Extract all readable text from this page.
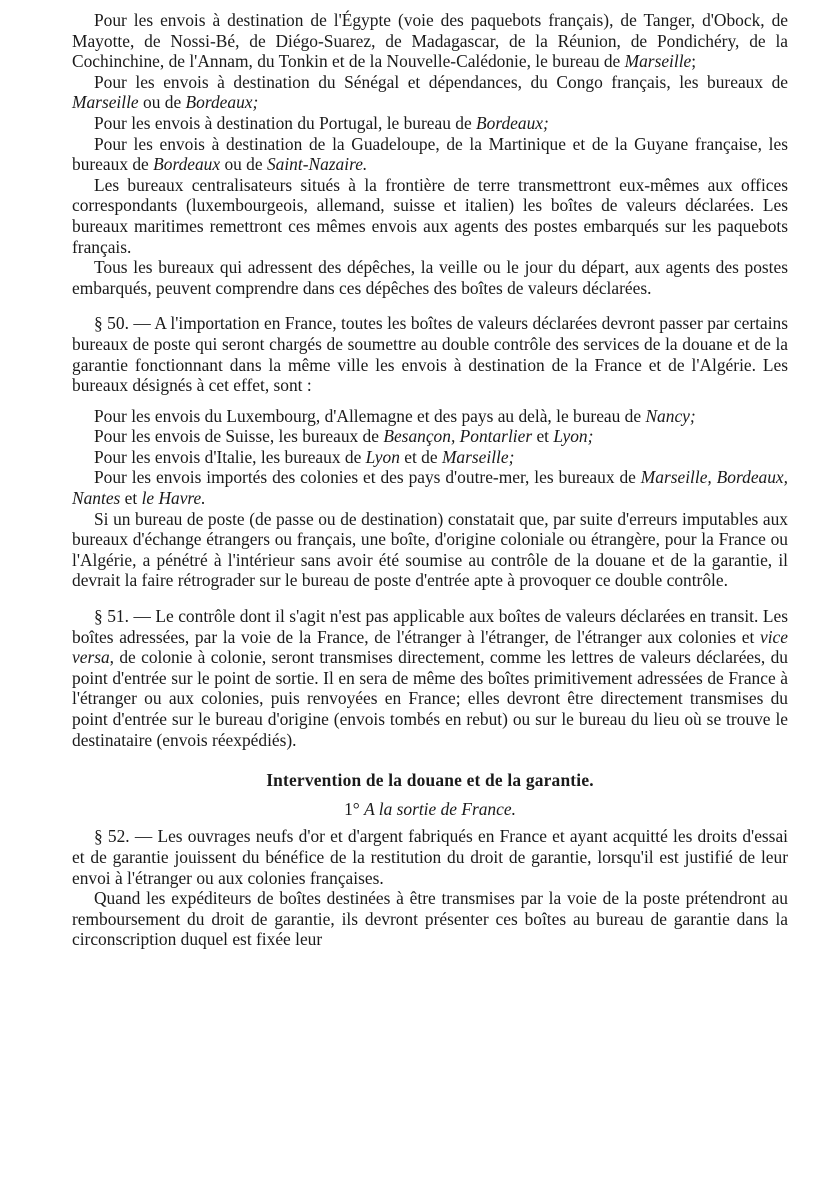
Pour les envois à destination de l'Égypte (voie des paquebots français), de Tanger, d'Obock, de Mayotte, de Nossi-Bé, de Diégo-Suarez, de Madagascar, de la Réunion, de Pondichéry, de la Cochinchine, de l'Annam, du Tonkin et de la Nouvelle-Calédonie, le bureau de Marseille;

Pour les envois à destination du Sénégal et dépendances, du Congo français, les bureaux de Marseille ou de Bordeaux;

Pour les envois à destination du Portugal, le bureau de Bordeaux;

Pour les envois à destination de la Guadeloupe, de la Martinique et de la Guyane française, les bureaux de Bordeaux ou de Saint-Nazaire.

Les bureaux centralisateurs situés à la frontière de terre transmettront eux-mêmes aux offices correspondants (luxembourgeois, allemand, suisse et italien) les boîtes de valeurs déclarées. Les bureaux maritimes remettront ces mêmes envois aux agents des postes embarqués sur les paquebots français.

Tous les bureaux qui adressent des dépêches, la veille ou le jour du départ, aux agents des postes embarqués, peuvent comprendre dans ces dépêches des boîtes de valeurs déclarées.

§ 50. — A l'importation en France, toutes les boîtes de valeurs déclarées devront passer par certains bureaux de poste qui seront chargés de soumettre au double contrôle des services de la douane et de la garantie fonctionnant dans la même ville les envois à destination de la France et de l'Algérie. Les bureaux désignés à cet effet, sont :

Pour les envois du Luxembourg, d'Allemagne et des pays au delà, le bureau de Nancy;

Pour les envois de Suisse, les bureaux de Besançon, Pontarlier et Lyon;

Pour les envois d'Italie, les bureaux de Lyon et de Marseille;

Pour les envois importés des colonies et des pays d'outre-mer, les bureaux de Marseille, Bordeaux, Nantes et le Havre.

Si un bureau de poste (de passe ou de destination) constatait que, par suite d'erreurs imputables aux bureaux d'échange étrangers ou français, une boîte, d'origine coloniale ou étrangère, pour la France ou l'Algérie, a pénétré à l'intérieur sans avoir été soumise au contrôle de la douane et de la garantie, il devrait la faire rétrograder sur le bureau de poste d'entrée apte à provoquer ce double contrôle.

§ 51. — Le contrôle dont il s'agit n'est pas applicable aux boîtes de valeurs déclarées en transit. Les boîtes adressées, par la voie de la France, de l'étranger à l'étranger, de l'étranger aux colonies et vice versa, de colonie à colonie, seront transmises directement, comme les lettres de valeurs déclarées, du point d'entrée sur le point de sortie. Il en sera de même des boîtes primitivement adressées de France à l'étranger ou aux colonies, puis renvoyées en France; elles devront être directement transmises du point d'entrée sur le bureau d'origine (envois tombés en rebut) ou sur le bureau du lieu où se trouve le destinataire (envois réexpédiés).

Intervention de la douane et de la garantie.
1° A la sortie de France.

§ 52. — Les ouvrages neufs d'or et d'argent fabriqués en France et ayant acquitté les droits d'essai et de garantie jouissent du bénéfice de la restitution du droit de garantie, lorsqu'il est justifié de leur envoi à l'étranger ou aux colonies françaises.

Quand les expéditeurs de boîtes destinées à être transmises par la voie de la poste prétendront au remboursement du droit de garantie, ils devront présenter ces boîtes au bureau de garantie dans la circonscription duquel est fixée leur
